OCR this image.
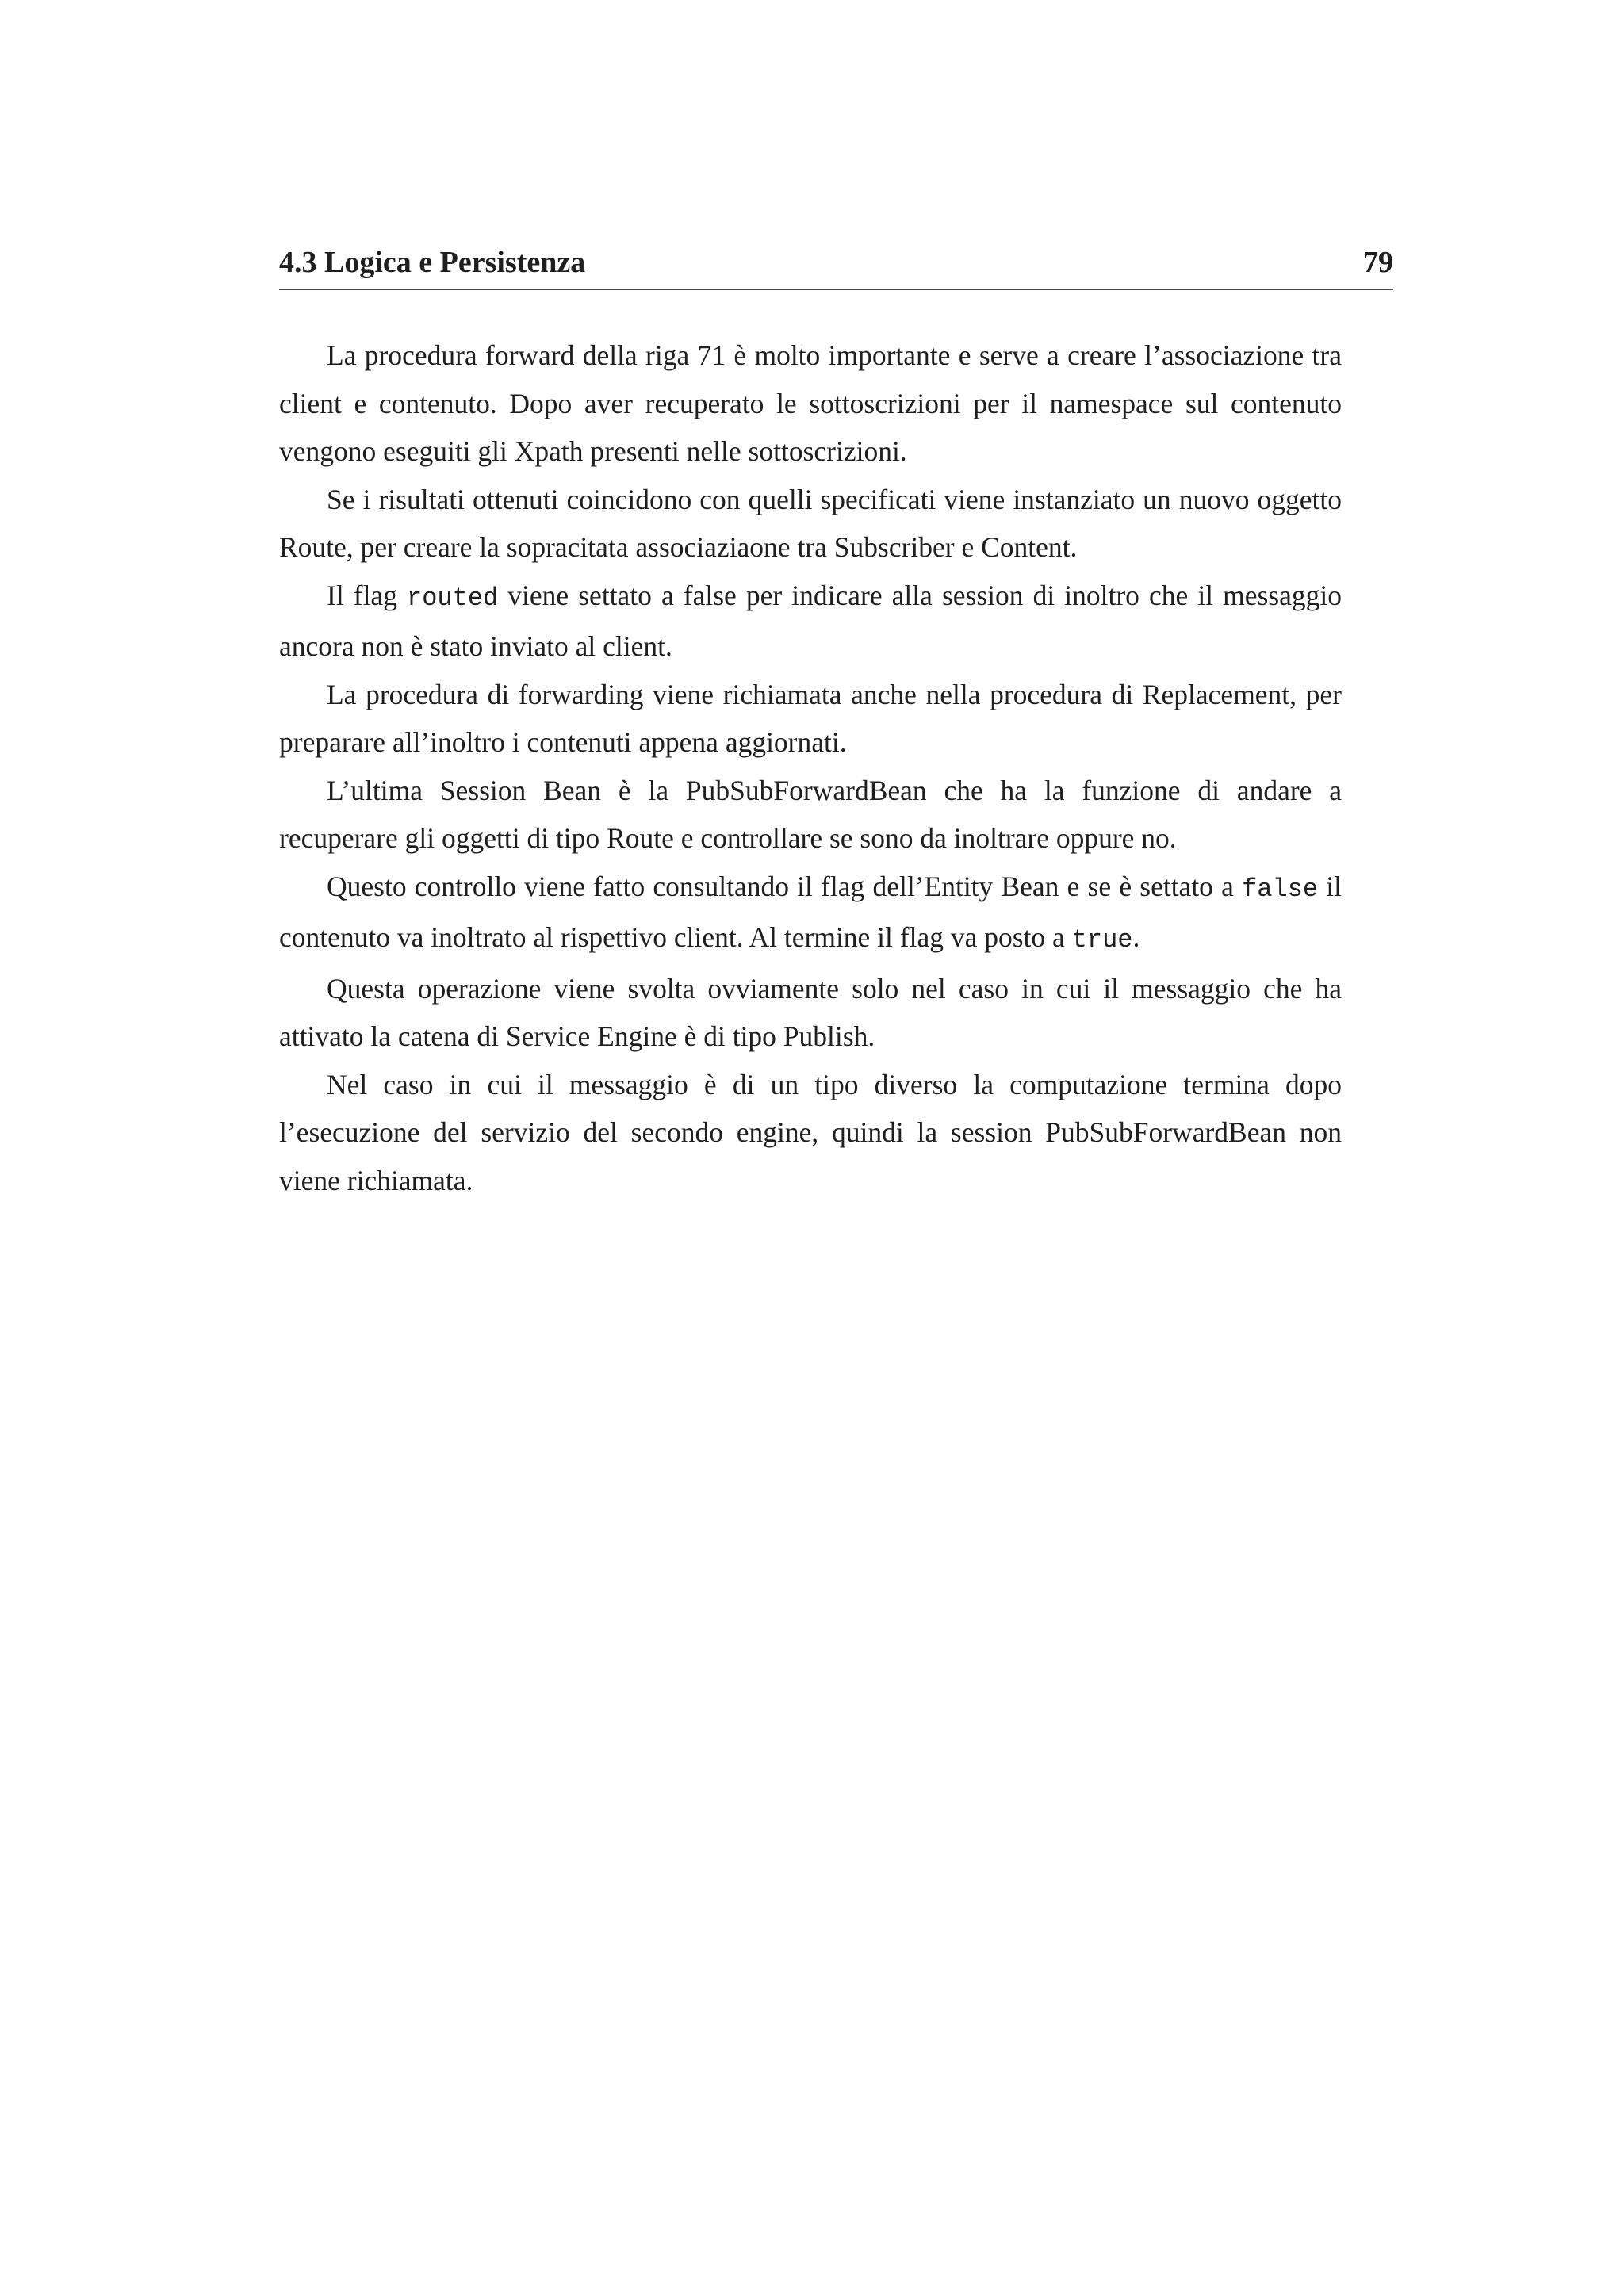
4.3 Logica e Persistenza	79

La procedura forward della riga 71 è molto importante e serve a creare l’associazione tra client e contenuto. Dopo aver recuperato le sottoscrizioni per il namespace sul contenuto vengono eseguiti gli Xpath presenti nelle sottoscrizioni.

Se i risultati ottenuti coincidono con quelli specificati viene instanziato un nuovo oggetto Route, per creare la sopracitata associaziaone tra Subscriber e Content.

Il flag routed viene settato a false per indicare alla session di inoltro che il messaggio ancora non è stato inviato al client.

La procedura di forwarding viene richiamata anche nella procedura di Replacement, per preparare all’inoltro i contenuti appena aggiornati.

L’ultima Session Bean è la PubSubForwardBean che ha la funzione di andare a recuperare gli oggetti di tipo Route e controllare se sono da inoltrare oppure no.

Questo controllo viene fatto consultando il flag dell’Entity Bean e se è settato a false il contenuto va inoltrato al rispettivo client. Al termine il flag va posto a true.

Questa operazione viene svolta ovviamente solo nel caso in cui il messaggio che ha attivato la catena di Service Engine è di tipo Publish.

Nel caso in cui il messaggio è di un tipo diverso la computazione termina dopo l’esecuzione del servizio del secondo engine, quindi la session PubSubForwardBean non viene richiamata.
